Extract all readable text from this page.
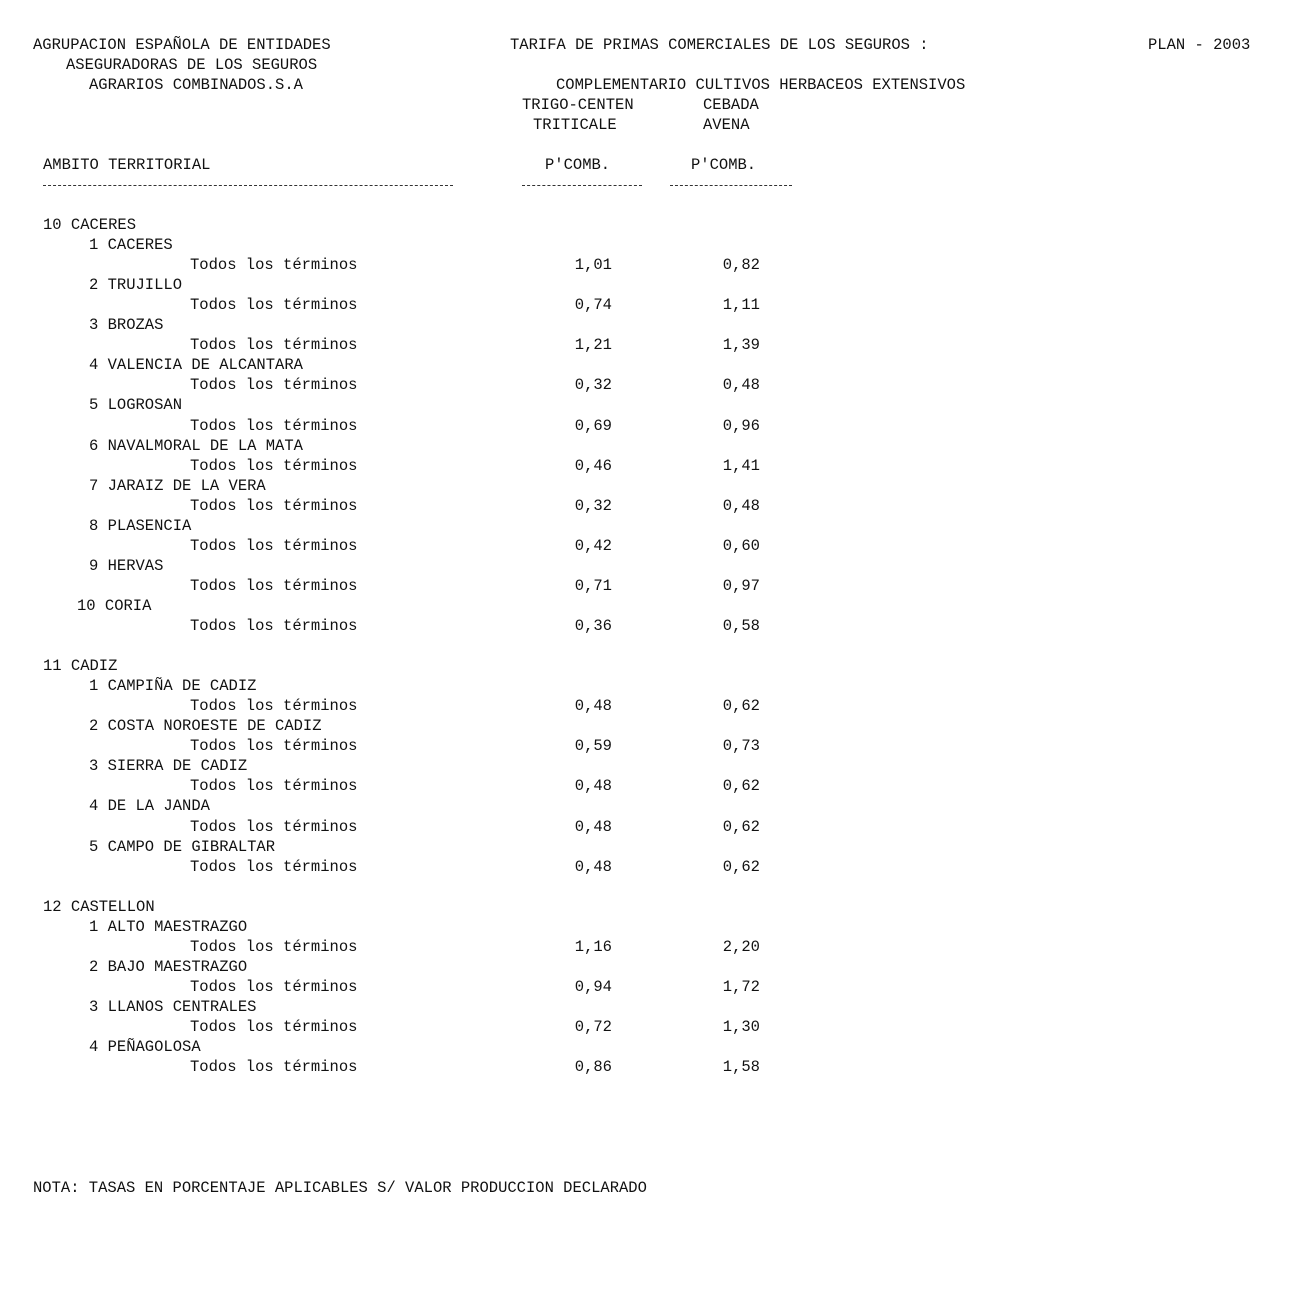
AGRUPACION ESPAÑOLA DE ENTIDADES
ASEGURADORAS DE LOS SEGUROS
AGRARIOS COMBINADOS.S.A
TARIFA DE PRIMAS COMERCIALES DE LOS SEGUROS :	PLAN - 2003
COMPLEMENTARIO CULTIVOS HERBACEOS EXTENSIVOS
TRIGO-CENTEN
TRITICALE
CEBADA
AVENA
AMBITO TERRITORIAL	P'COMB.	P'COMB.
10 CACERES
1 CACERES
Todos los términos	1,01	0,82
2 TRUJILLO
Todos los términos	0,74	1,11
3 BROZAS
Todos los términos	1,21	1,39
4 VALENCIA DE ALCANTARA
Todos los términos	0,32	0,48
5 LOGROSAN
Todos los términos	0,69	0,96
6 NAVALMORAL DE LA MATA
Todos los términos	0,46	1,41
7 JARAIZ DE LA VERA
Todos los términos	0,32	0,48
8 PLASENCIA
Todos los términos	0,42	0,60
9 HERVAS
Todos los términos	0,71	0,97
10 CORIA
Todos los términos	0,36	0,58
11 CADIZ
1 CAMPIÑA DE CADIZ
Todos los términos	0,48	0,62
2 COSTA NOROESTE DE CADIZ
Todos los términos	0,59	0,73
3 SIERRA DE CADIZ
Todos los términos	0,48	0,62
4 DE LA JANDA
Todos los términos	0,48	0,62
5 CAMPO DE GIBRALTAR
Todos los términos	0,48	0,62
12 CASTELLON
1 ALTO MAESTRAZGO
Todos los términos	1,16	2,20
2 BAJO MAESTRAZGO
Todos los términos	0,94	1,72
3 LLANOS CENTRALES
Todos los términos	0,72	1,30
4 PEÑAGOLOSA
Todos los términos	0,86	1,58
NOTA: TASAS EN PORCENTAJE APLICABLES S/ VALOR PRODUCCION DECLARADO
